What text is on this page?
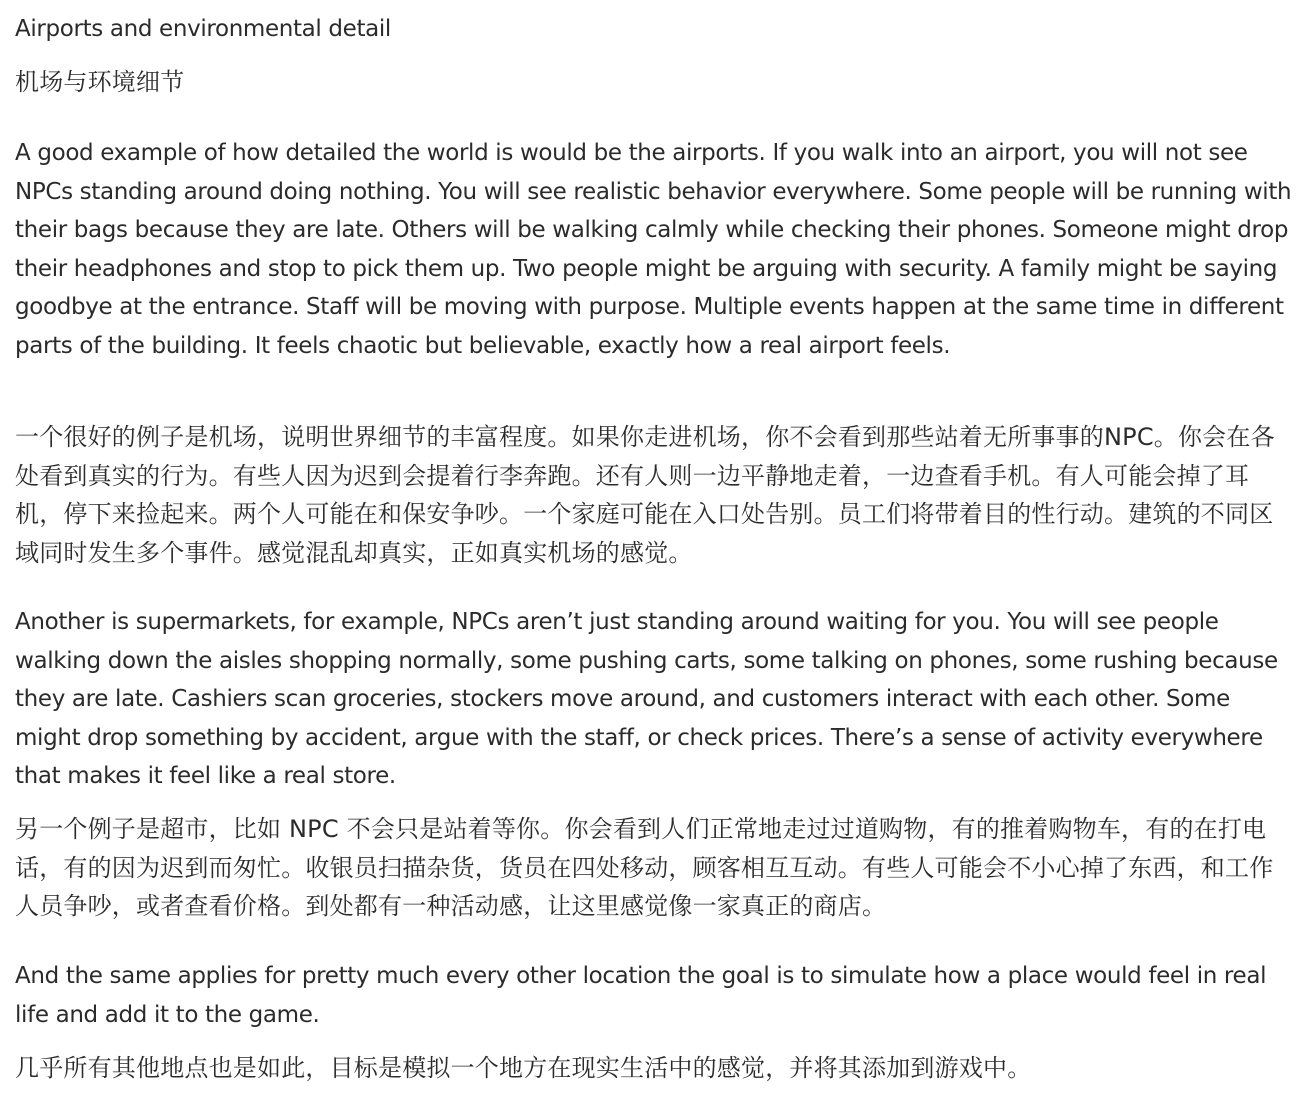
Airports and environmental detail

机场与环境细节

A good example of how detailed the world is would be the airports. If you walk into an airport, you will not see NPCs standing around doing nothing. You will see realistic behavior everywhere. Some people will be running with their bags because they are late. Others will be walking calmly while checking their phones. Someone might drop their headphones and stop to pick them up. Two people might be arguing with security. A family might be saying goodbye at the entrance. Staff will be moving with purpose. Multiple events happen at the same time in different parts of the building. It feels chaotic but believable, exactly how a real airport feels.

一个很好的例子是机场，说明世界细节的丰富程度。如果你走进机场，你不会看到那些站着无所事事的NPC。你会在各处看到真实的行为。有些人因为迟到会提着行李奔跑。还有人则一边平静地走着，一边查看手机。有人可能会掉了耳机，停下来捡起来。两个人可能在和保安争吵。一个家庭可能在入口处告别。员工们将带着目的性行动。建筑的不同区域同时发生多个事件。感觉混乱却真实，正如真实机场的感觉。

Another is supermarkets, for example, NPCs aren’t just standing around waiting for you. You will see people walking down the aisles shopping normally, some pushing carts, some talking on phones, some rushing because they are late. Cashiers scan groceries, stockers move around, and customers interact with each other. Some might drop something by accident, argue with the staff, or check prices. There’s a sense of activity everywhere that makes it feel like a real store.

另一个例子是超市，比如 NPC 不会只是站着等你。你会看到人们正常地走过过道购物，有的推着购物车，有的在打电话，有的因为迟到而匆忙。收银员扫描杂货，货员在四处移动，顾客相互互动。有些人可能会不小心掉了东西，和工作人员争吵，或者查看价格。到处都有一种活动感，让这里感觉像一家真正的商店。

And the same applies for pretty much every other location the goal is to simulate how a place would feel in real life and add it to the game.

几乎所有其他地点也是如此，目标是模拟一个地方在现实生活中的感觉，并将其添加到游戏中。
